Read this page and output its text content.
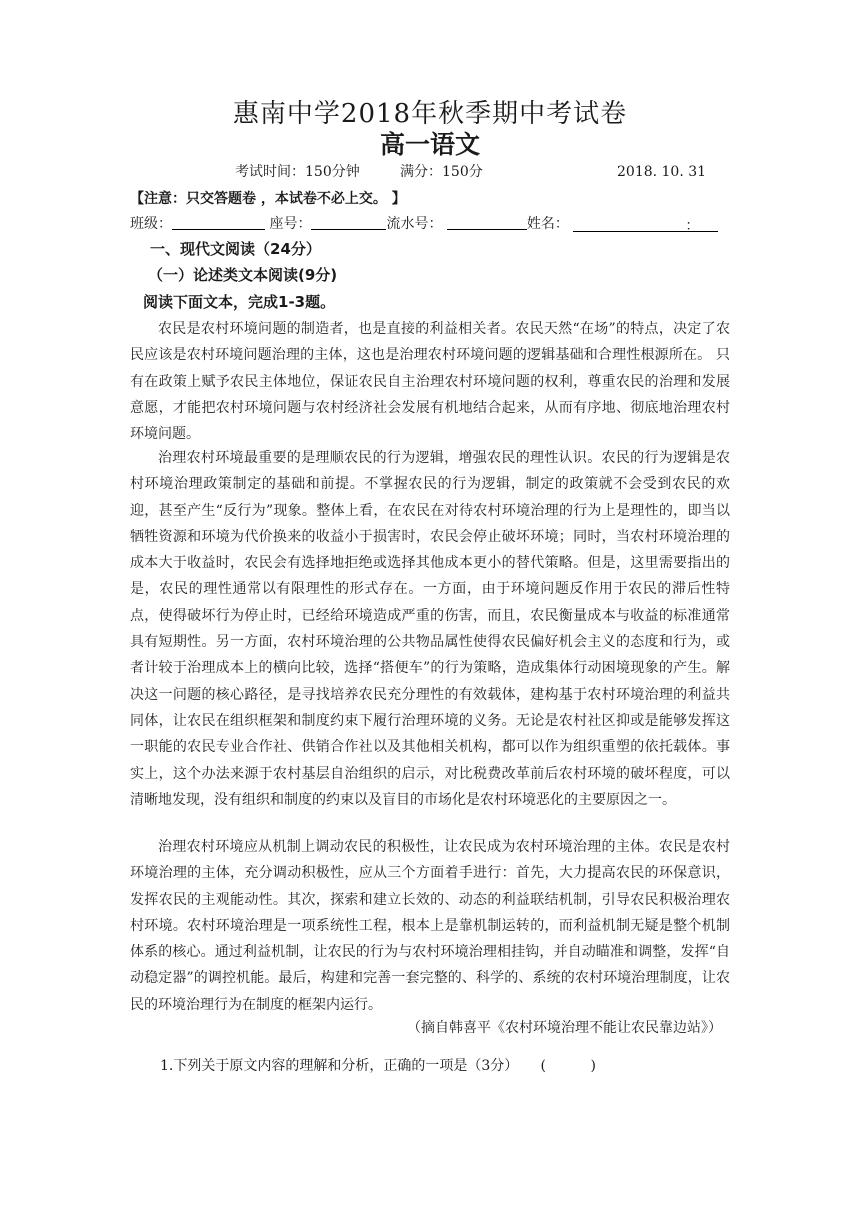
惠南中学2018年秋季期中考试卷
高一语文
考试时间：150分钟	满分：150分	2018. 10. 31
【注意：只交答题卷 ，本试卷不必上交。 】
班级：	座号：	流水号：	姓名：	：
一、现代文阅读（24分）
（一）论述类文本阅读(9分)
阅读下面文本，完成1-3题。

农民是农村环境问题的制造者，也是直接的利益相关者。农民天然“在场”的特点，决定了农民应该是农村环境问题治理的主体，这也是治理农村环境问题的逻辑基础和合理性根源所在。 只有在政策上赋予农民主体地位，保证农民自主治理农村环境问题的权利，尊重农民的治理和发展意愿，才能把农村环境问题与农村经济社会发展有机地结合起来，从而有序地、彻底地治理农村环境问题。

治理农村环境最重要的是理顺农民的行为逻辑，增强农民的理性认识。农民的行为逻辑是农村环境治理政策制定的基础和前提。不掌握农民的行为逻辑，制定的政策就不会受到农民的欢迎，甚至产生“反行为”现象。整体上看，在农民在对待农村环境治理的行为上是理性的，即当以牺牲资源和环境为代价换来的收益小于损害时，农民会停止破坏环境；同时，当农村环境治理的成本大于收益时，农民会有选择地拒绝或选择其他成本更小的替代策略。但是，这里需要指出的是，农民的理性通常以有限理性的形式存在。一方面，由于环境问题反作用于农民的滞后性特点，使得破坏行为停止时，已经给环境造成严重的伤害，而且，农民衡量成本与收益的标准通常具有短期性。另一方面，农村环境治理的公共物品属性使得农民偏好机会主义的态度和行为，或者计较于治理成本上的横向比较，选择“搭便车”的行为策略，造成集体行动困境现象的产生。解决这一问题的核心路径，是寻找培养农民充分理性的有效载体，建构基于农村环境治理的利益共同体，让农民在组织框架和制度约束下履行治理环境的义务。无论是农村社区抑或是能够发挥这一职能的农民专业合作社、供销合作社以及其他相关机构，都可以作为组织重塑的依托载体。事实上，这个办法来源于农村基层自治组织的启示，对比税费改革前后农村环境的破坏程度，可以清晰地发现，没有组织和制度的约束以及盲目的市场化是农村环境恶化的主要原因之一。

治理农村环境应从机制上调动农民的积极性，让农民成为农村环境治理的主体。农民是农村环境治理的主体，充分调动积极性，应从三个方面着手进行：首先，大力提高农民的环保意识，发挥农民的主观能动性。其次，探索和建立长效的、动态的利益联结机制，引导农民积极治理农村环境。农村环境治理是一项系统性工程，根本上是靠机制运转的，而利益机制无疑是整个机制体系的核心。通过利益机制，让农民的行为与农村环境治理相挂钩，并自动瞄准和调整，发挥“自动稳定器”的调控机能。最后，构建和完善一套完整的、科学的、系统的农村环境治理制度，让农民的环境治理行为在制度的框架内运行。

（摘自韩喜平《农村环境治理不能让农民靠边站》）
1.下列关于原文内容的理解和分析，正确的一项是（3分）     (          )
